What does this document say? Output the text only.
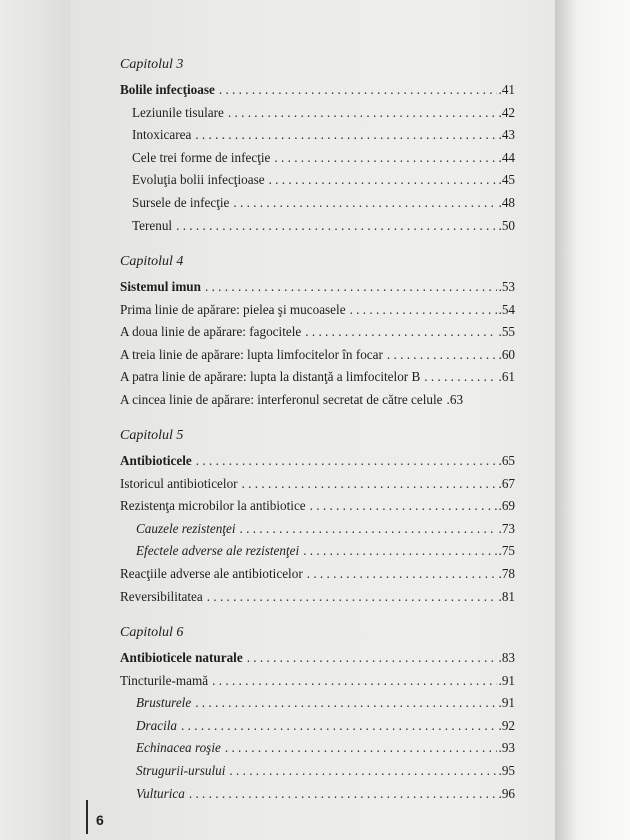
Capitolul 3
Bolile infecţioase . . .	.41
Leziunile tisulare . . .	.42
Intoxicarea . . .	.43
Cele trei forme de infecţie . . .	.44
Evoluţia bolii infecţioase . . .	.45
Sursele de infecţie . . .	.48
Terenul . . .	.50
Capitolul 4
Sistemul imun . . .	.53
Prima linie de apărare: pielea şi mucoasele . . .	.54
A doua linie de apărare: fagocitele . . .	.55
A treia linie de apărare: lupta limfocitelor în focar . . .	.60
A patra linie de apărare: lupta la distanţă a limfocitelor B . . .	.61
A cincea linie de apărare: interferonul secretat de către celule .63
Capitolul 5
Antibioticele . . .	.65
Istoricul antibioticelor . . .	.67
Rezistenţa microbilor la antibiotice . . .	.69
Cauzele rezistenţei . . .	.73
Efectele adverse ale rezistenţei . . .	.75
Reacţiile adverse ale antibioticelor . . .	.78
Reversibilitatea . . .	.81
Capitolul 6
Antibioticele naturale . . .	.83
Tincturile-mamă . . .	.91
Brusturele . . .	.91
Dracila . . .	.92
Echinacea roşie . . .	.93
Strugurii-ursului . . .	.95
Vulturica . . .	.96
6
